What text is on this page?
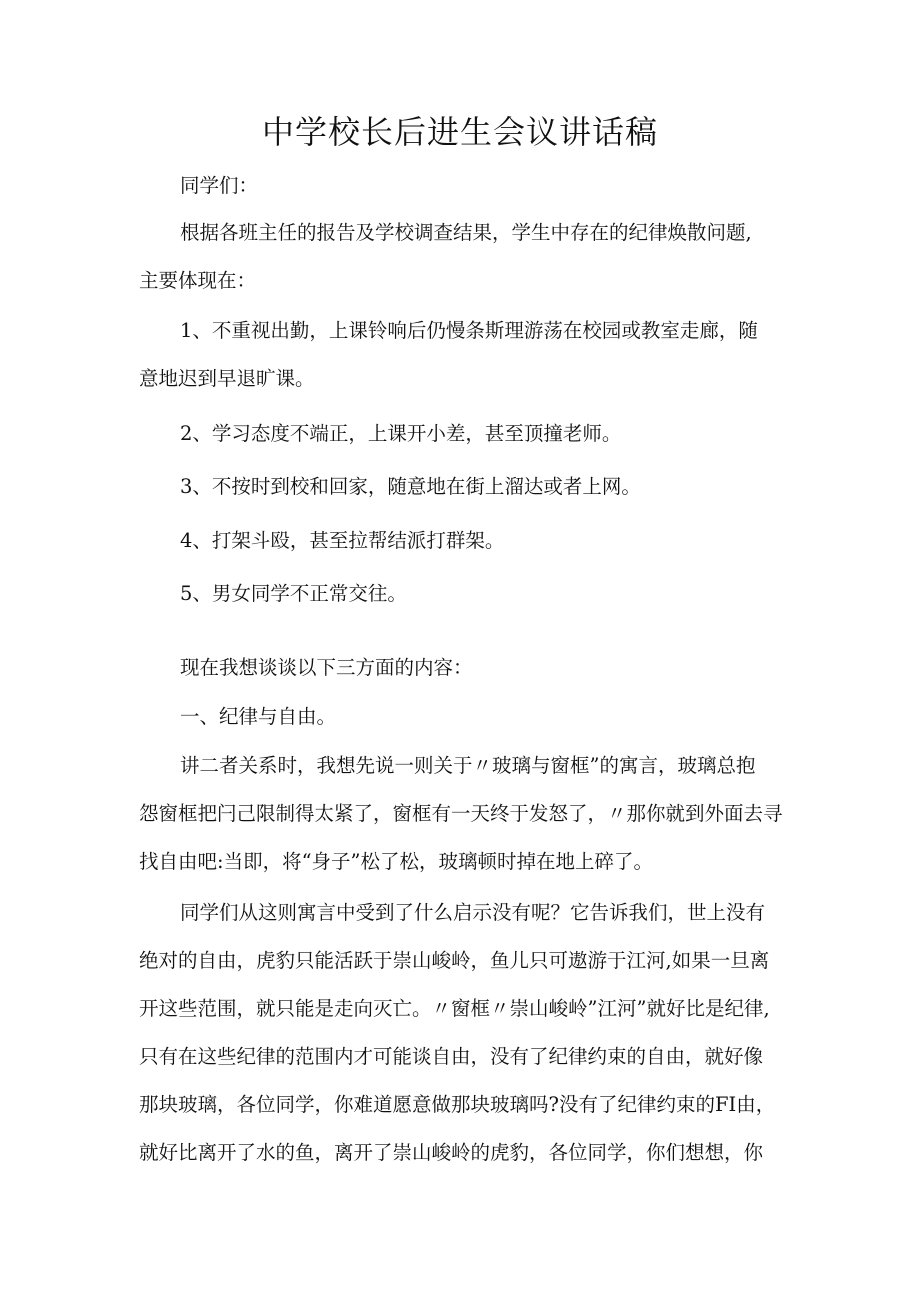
中学校长后进生会议讲话稿

同学们：

根据各班主任的报告及学校调查结果，学生中存在的纪律焕散问题,

主要体现在：

1、不重视出勤，上课铃响后仍慢条斯理游荡在校园或教室走廊，随

意地迟到早退旷课。

2、学习态度不端正，上课开小差，甚至顶撞老师。

3、不按时到校和回家，随意地在街上溜达或者上网。

4、打架斗殴，甚至拉帮结派打群架。

5、男女同学不正常交往。

现在我想谈谈以下三方面的内容：

一、纪律与自由。

讲二者关系时，我想先说一则关于〃玻璃与窗框”的寓言，玻璃总抱

怨窗框把闩己限制得太紧了，窗框有一天终于发怒了，〃那你就到外面去寻

找自由吧:当即，将“身子”松了松，玻璃顿时掉在地上碎了。

同学们从这则寓言中受到了什么启示没有呢？它告诉我们，世上没有

绝对的自由，虎豹只能活跃于崇山峻岭，鱼儿只可遨游于江河,如果一旦离

开这些范围，就只能是走向灭亡。〃窗框〃崇山峻岭”江河”就好比是纪律,

只有在这些纪律的范围内才可能谈自由，没有了纪律约束的自由，就好像

那块玻璃，各位同学，你难道愿意做那块玻璃吗?没有了纪律约束的FI由，

就好比离开了水的鱼，离开了崇山峻岭的虎豹，各位同学，你们想想，你
